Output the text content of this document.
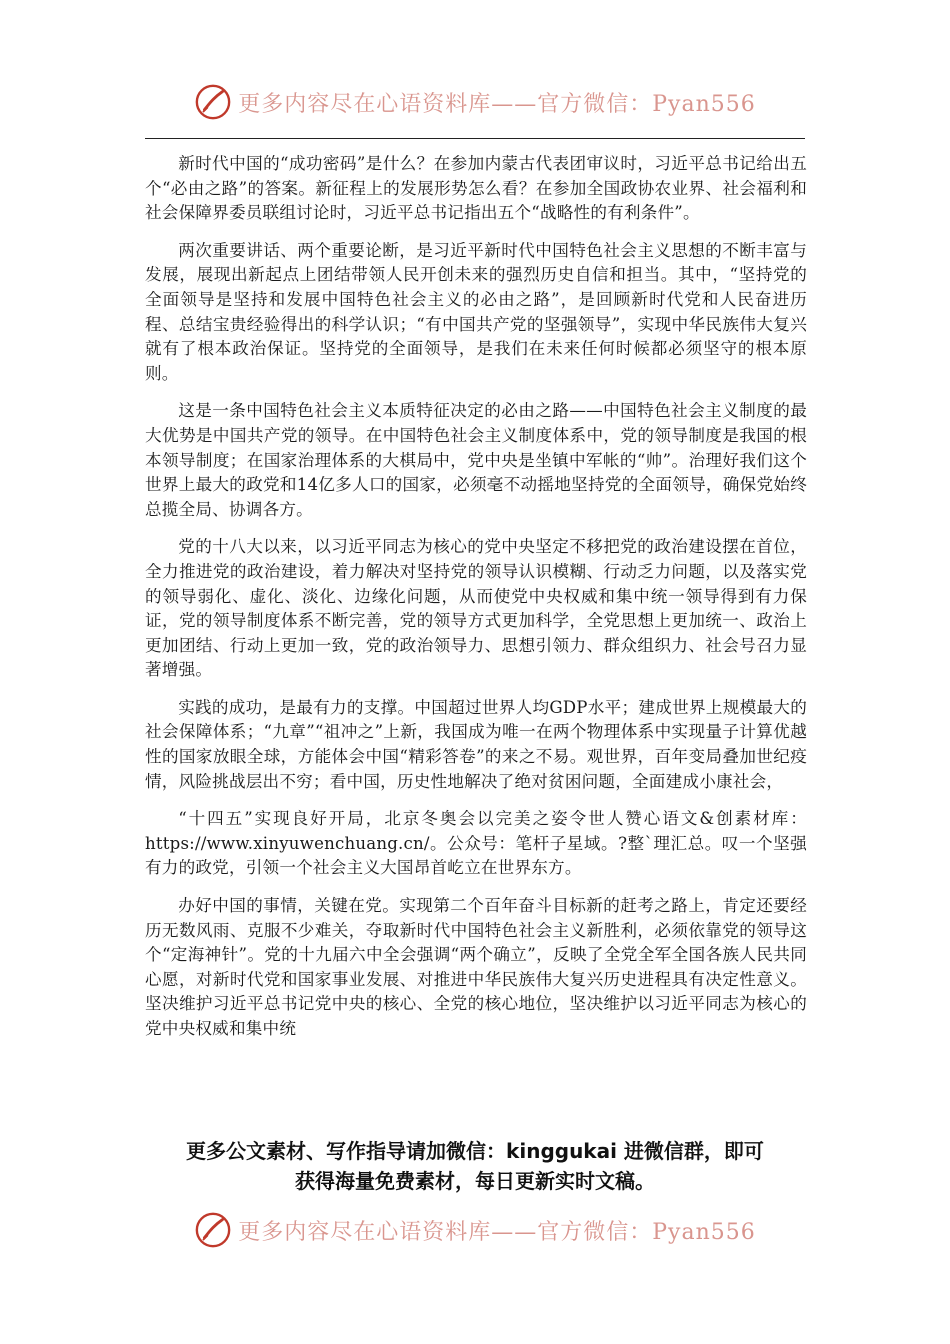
更多内容尽在心语资料库——官方微信：Pyan556

新时代中国的“成功密码”是什么？在参加内蒙古代表团审议时，习近平总书记给出五个“必由之路”的答案。新征程上的发展形势怎么看？在参加全国政协农业界、社会福利和社会保障界委员联组讨论时，习近平总书记指出五个“战略性的有利条件”。

两次重要讲话、两个重要论断，是习近平新时代中国特色社会主义思想的不断丰富与发展，展现出新起点上团结带领人民开创未来的强烈历史自信和担当。其中，“坚持党的全面领导是坚持和发展中国特色社会主义的必由之路”，是回顾新时代党和人民奋进历程、总结宝贵经验得出的科学认识；“有中国共产党的坚强领导”，实现中华民族伟大复兴就有了根本政治保证。坚持党的全面领导，是我们在未来任何时候都必须坚守的根本原则。

这是一条中国特色社会主义本质特征决定的必由之路——中国特色社会主义制度的最大优势是中国共产党的领导。在中国特色社会主义制度体系中，党的领导制度是我国的根本领导制度；在国家治理体系的大棋局中，党中央是坐镇中军帐的“帅”。治理好我们这个世界上最大的政党和14亿多人口的国家，必须毫不动摇地坚持党的全面领导，确保党始终总揽全局、协调各方。

党的十八大以来，以习近平同志为核心的党中央坚定不移把党的政治建设摆在首位，全力推进党的政治建设，着力解决对坚持党的领导认识模糊、行动乏力问题，以及落实党的领导弱化、虚化、淡化、边缘化问题，从而使党中央权威和集中统一领导得到有力保证，党的领导制度体系不断完善，党的领导方式更加科学，全党思想上更加统一、政治上更加团结、行动上更加一致，党的政治领导力、思想引领力、群众组织力、社会号召力显著增强。

实践的成功，是最有力的支撑。中国超过世界人均GDP水平；建成世界上规模最大的社会保障体系；“九章”“祖冲之”上新，我国成为唯一在两个物理体系中实现量子计算优越性的国家放眼全球，方能体会中国“精彩答卷”的来之不易。观世界，百年变局叠加世纪疫情，风险挑战层出不穷；看中国，历史性地解决了绝对贫困问题，全面建成小康社会，

“十四五”实现良好开局，北京冬奥会以完美之姿令世人赞心语文&创素材库：https://www.xinyuwenchuang.cn/。公众号：笔杆子星域。?整`理汇总。叹一个坚强有力的政党，引领一个社会主义大国昂首屹立在世界东方。

办好中国的事情，关键在党。实现第二个百年奋斗目标新的赶考之路上，肯定还要经历无数风雨、克服不少难关，夺取新时代中国特色社会主义新胜利，必须依靠党的领导这个“定海神针”。党的十九届六中全会强调“两个确立”，反映了全党全军全国各族人民共同心愿，对新时代党和国家事业发展、对推进中华民族伟大复兴历史进程具有决定性意义。坚决维护习近平总书记党中央的核心、全党的核心地位，坚决维护以习近平同志为核心的党中央权威和集中统

更多公文素材、写作指导请加微信：kinggukai 进微信群，即可
获得海量免费素材，每日更新实时文稿。
更多内容尽在心语资料库——官方微信：Pyan556
